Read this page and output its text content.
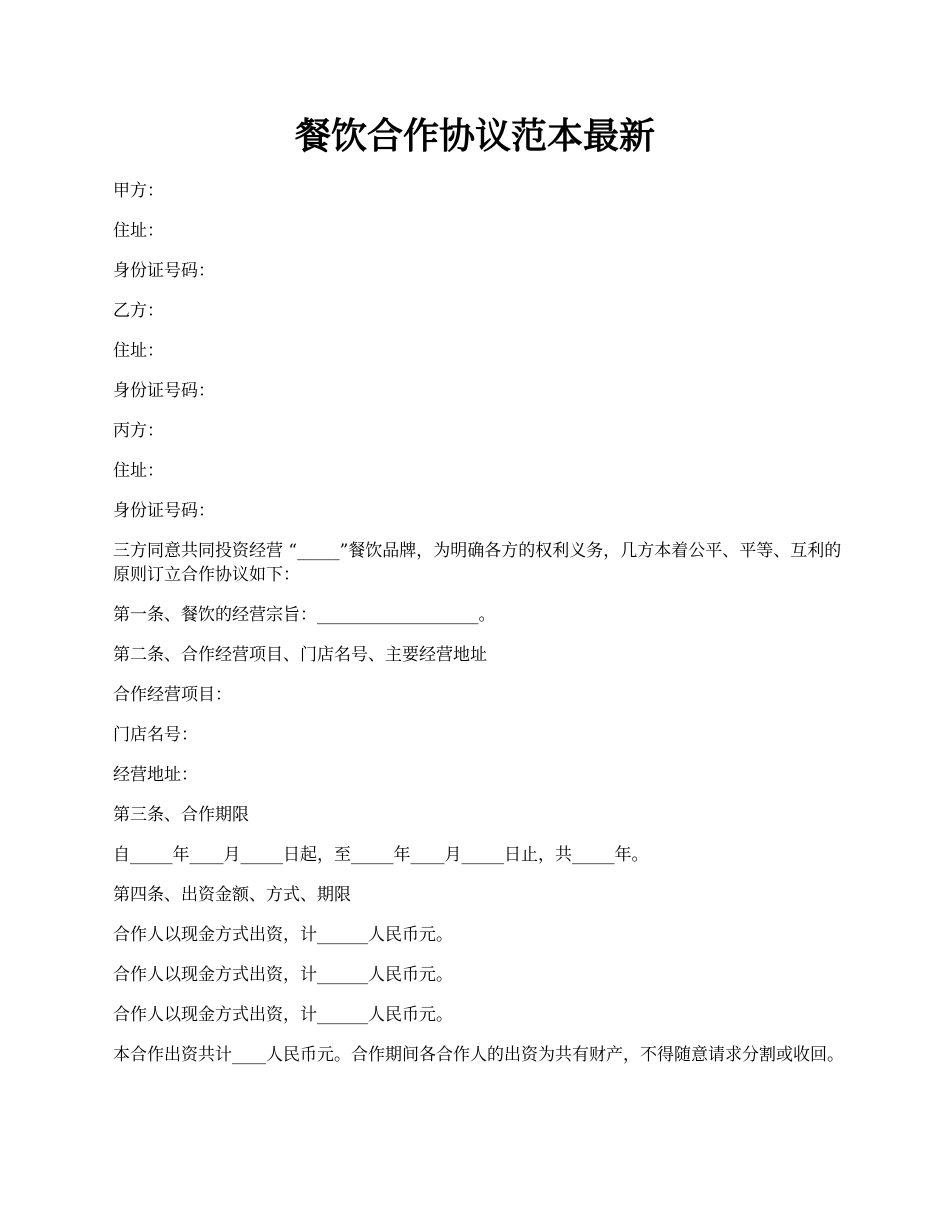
餐饮合作协议范本最新

甲方：

住址：

身份证号码：

乙方：

住址：

身份证号码：

丙方：

住址：

身份证号码：

三方同意共同投资经营 “_____”餐饮品牌，为明确各方的权利义务，几方本着公平、平等、互利的原则订立合作协议如下：

第一条、餐饮的经营宗旨：___________________。

第二条、合作经营项目、门店名号、主要经营地址

合作经营项目：

门店名号：

经营地址：

第三条、合作期限

自_____年____月_____日起，至_____年____月_____日止，共_____年。

第四条、出资金额、方式、期限

合作人以现金方式出资，计______人民币元。

合作人以现金方式出资，计______人民币元。

合作人以现金方式出资，计______人民币元。

本合作出资共计____人民币元。合作期间各合作人的出资为共有财产，不得随意请求分割或收回。
